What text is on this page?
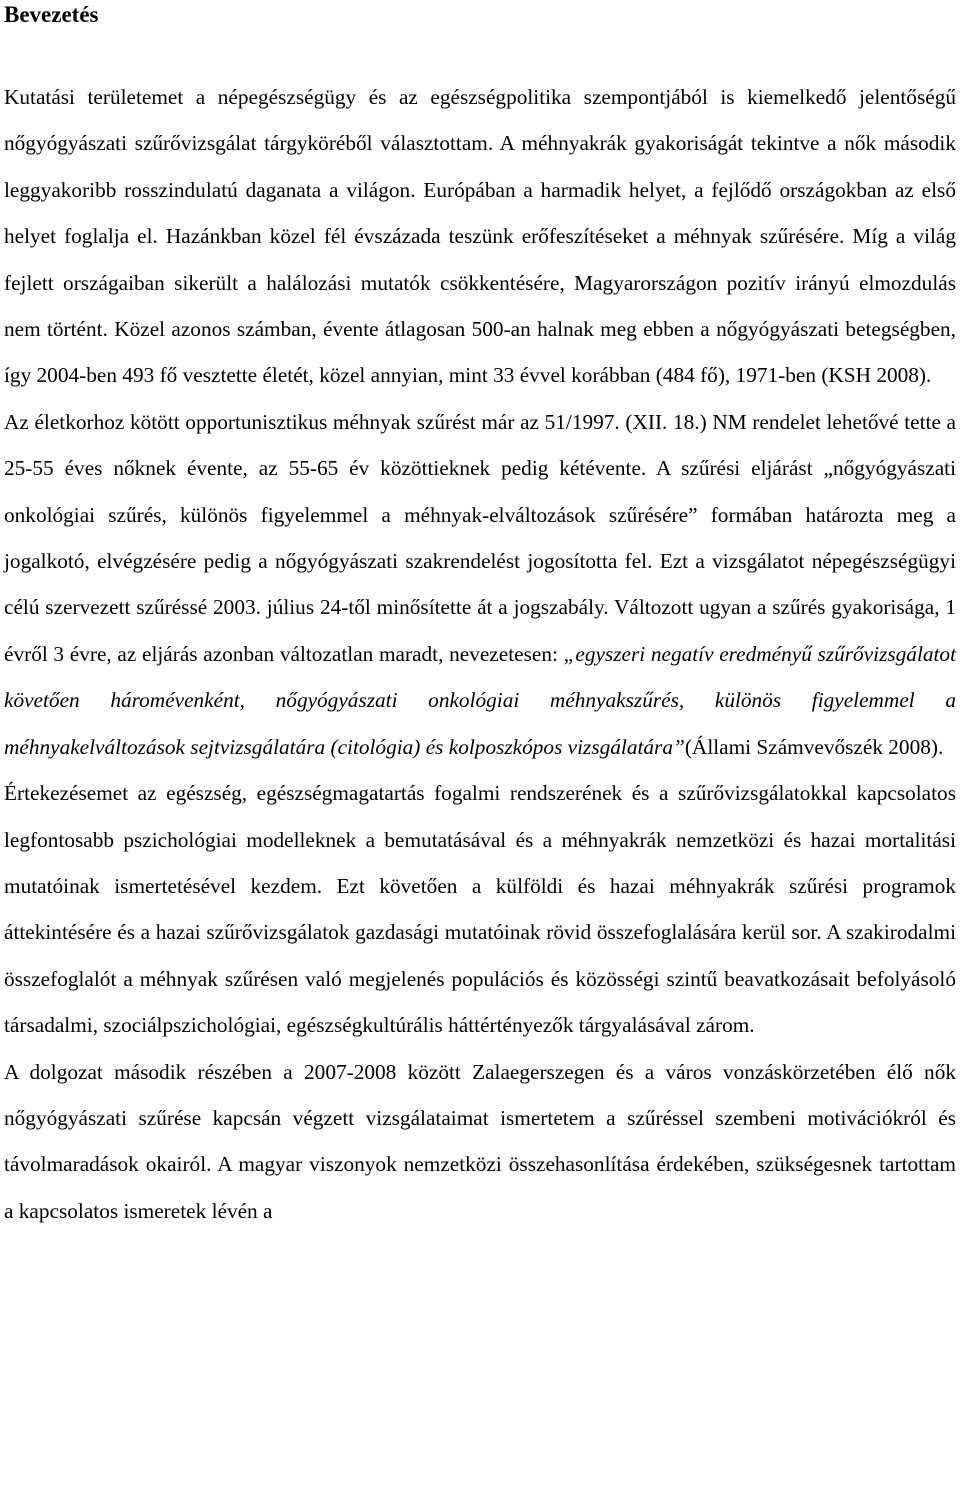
Bevezetés

Kutatási területemet a népegészségügy és az egészségpolitika szempontjából is kiemelkedő jelentőségű nőgyógyászati szűrővizsgálat tárgyköréből választottam. A méhnyakrák gyakoriságát tekintve a nők második leggyakoribb rosszindulatú daganata a világon. Európában a harmadik helyet, a fejlődő országokban az első helyet foglalja el. Hazánkban közel fél évszázada teszünk erőfeszítéseket a méhnyak szűrésére. Míg a világ fejlett országaiban sikerült a halálozási mutatók csökkentésére, Magyarországon pozitív irányú elmozdulás nem történt. Közel azonos számban, évente átlagosan 500-an halnak meg ebben a nőgyógyászati betegségben, így 2004-ben 493 fő vesztette életét, közel annyian, mint 33 évvel korábban (484 fő), 1971-ben (KSH 2008).
Az életkorhoz kötött opportunisztikus méhnyak szűrést már az 51/1997. (XII. 18.) NM rendelet lehetővé tette a 25-55 éves nőknek évente, az 55-65 év közöttieknek pedig kétévente. A szűrési eljárást „nőgyógyászati onkológiai szűrés, különös figyelemmel a méhnyak-elváltozások szűrésére” formában határozta meg a jogalkotó, elvégzésére pedig a nőgyógyászati szakrendelést jogosította fel. Ezt a vizsgálatot népegészségügyi célú szervezett szűréssé 2003. július 24-től minősítette át a jogszabály. Változott ugyan a szűrés gyakorisága, 1 évről 3 évre, az eljárás azonban változatlan maradt, nevezetesen: „egyszeri negatív eredményű szűrővizsgálatot követően háromévenként, nőgyógyászati onkológiai méhnyakszűrés, különös figyelemmel a méhnyakelváltozások sejtvizsgálatára (citológia) és kolposzkópos vizsgálatára”(Állami Számvevőszék 2008).

Értekezésemet az egészség, egészségmagatartás fogalmi rendszerének és a szűrővizsgálatokkal kapcsolatos legfontosabb pszichológiai modelleknek a bemutatásával és a méhnyakrák nemzetközi és hazai mortalitási mutatóinak ismertetésével kezdem. Ezt követően a külföldi és hazai méhnyakrák szűrési programok áttekintésére és a hazai szűrővizsgálatok gazdasági mutatóinak rövid összefoglalására kerül sor. A szakirodalmi összefoglalót a méhnyak szűrésen való megjelenés populációs és közösségi szintű beavatkozásait befolyásoló társadalmi, szociálpszichológiai, egészségkultúrális háttértényezők tárgyalásával zárom.

A dolgozat második részében a 2007-2008 között Zalaegerszegen és a város vonzáskörzetében élő nők nőgyógyászati szűrése kapcsán végzett vizsgálataimat ismertetem a szűréssel szembeni motivációkról és távolmaradások okairól. A magyar viszonyok nemzetközi összehasonlítása érdekében, szükségesnek tartottam a kapcsolatos ismeretek lévén a
